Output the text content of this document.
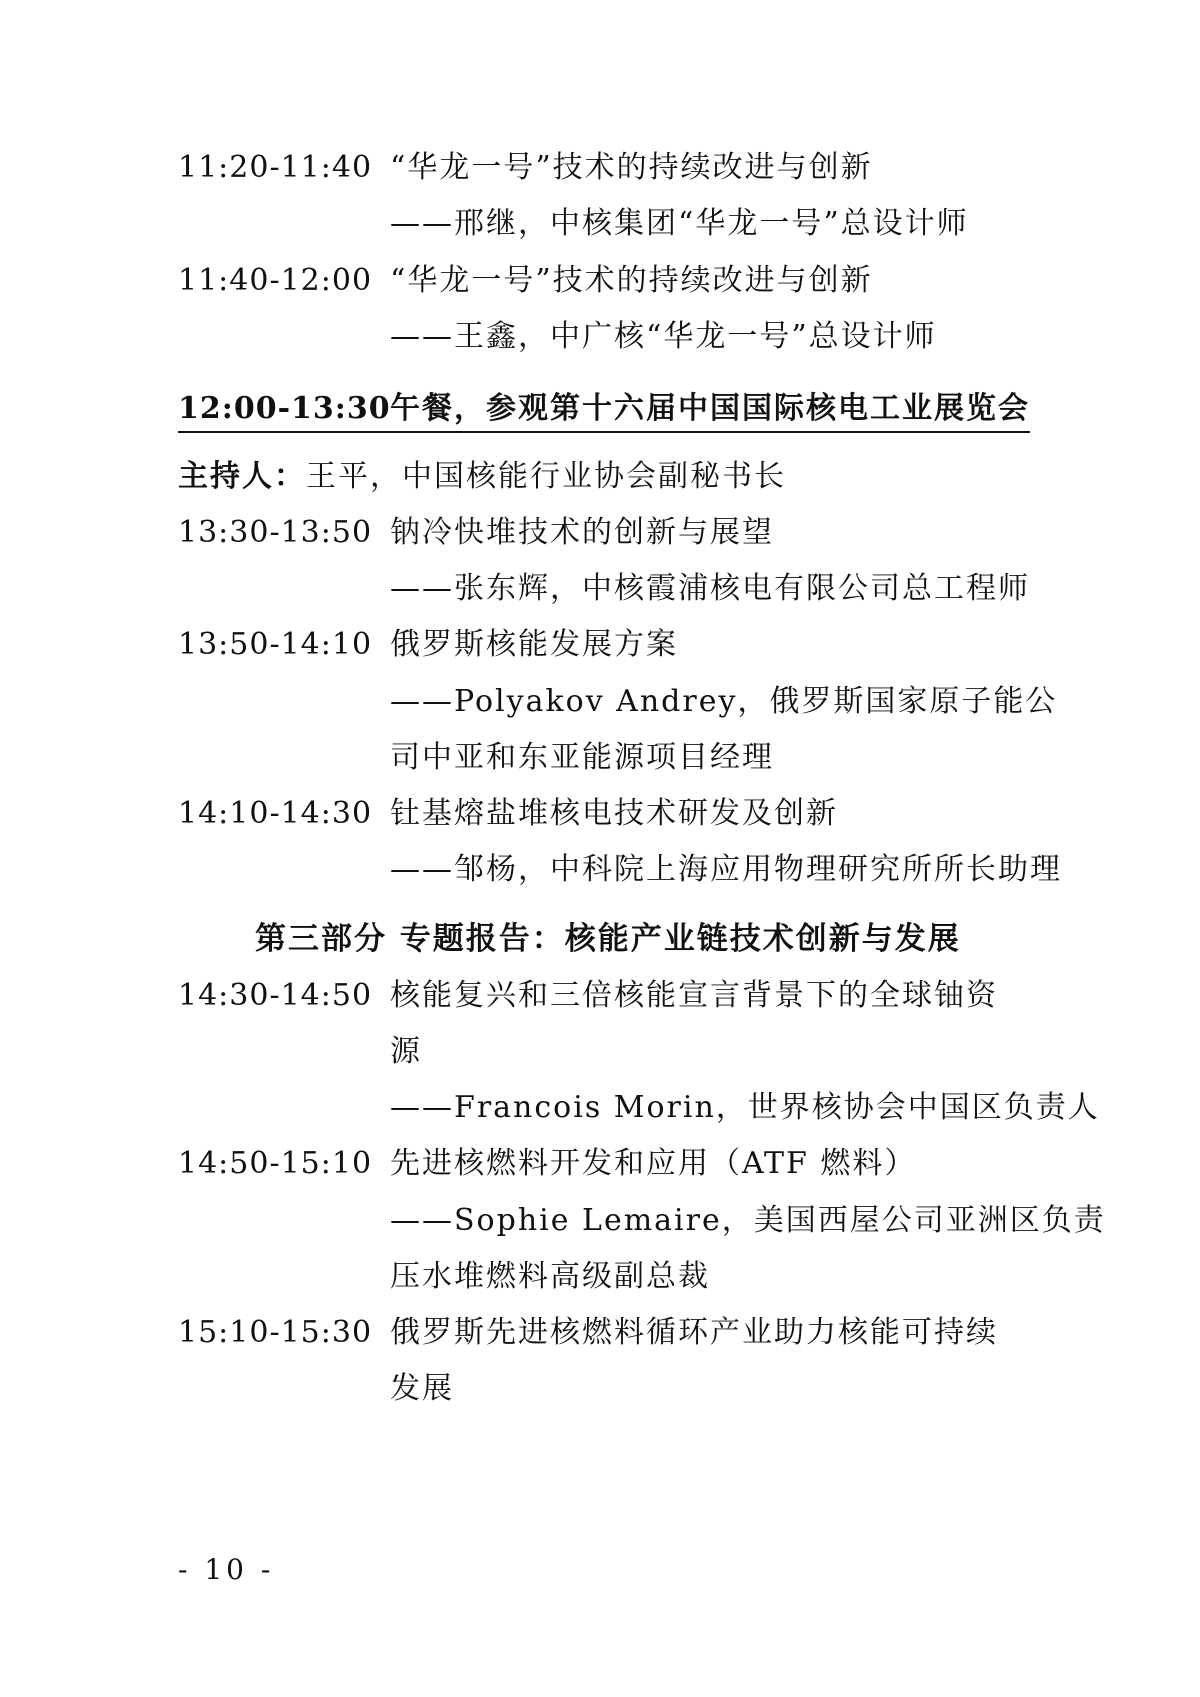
11:20-11:40 “华龙一号”技术的持续改进与创新
——邢继，中核集团“华龙一号”总设计师
11:40-12:00 “华龙一号”技术的持续改进与创新
——王鑫，中广核“华龙一号”总设计师
12:00-13:30午餐，参观第十六届中国国际核电工业展览会
主持人：王平，中国核能行业协会副秘书长
13:30-13:50 钠冷快堆技术的创新与展望
——张东辉，中核霞浦核电有限公司总工程师
13:50-14:10 俄罗斯核能发展方案
——Polyakov Andrey，俄罗斯国家原子能公
司中亚和东亚能源项目经理
14:10-14:30 钍基熔盐堆核电技术研发及创新
——邹杨，中科院上海应用物理研究所所长助理
第三部分 专题报告：核能产业链技术创新与发展
14:30-14:50 核能复兴和三倍核能宣言背景下的全球铀资
源
——Francois Morin，世界核协会中国区负责人
14:50-15:10 先进核燃料开发和应用（ATF 燃料）
——Sophie Lemaire，美国西屋公司亚洲区负责
压水堆燃料高级副总裁
15:10-15:30 俄罗斯先进核燃料循环产业助力核能可持续
发展
- 10 -
